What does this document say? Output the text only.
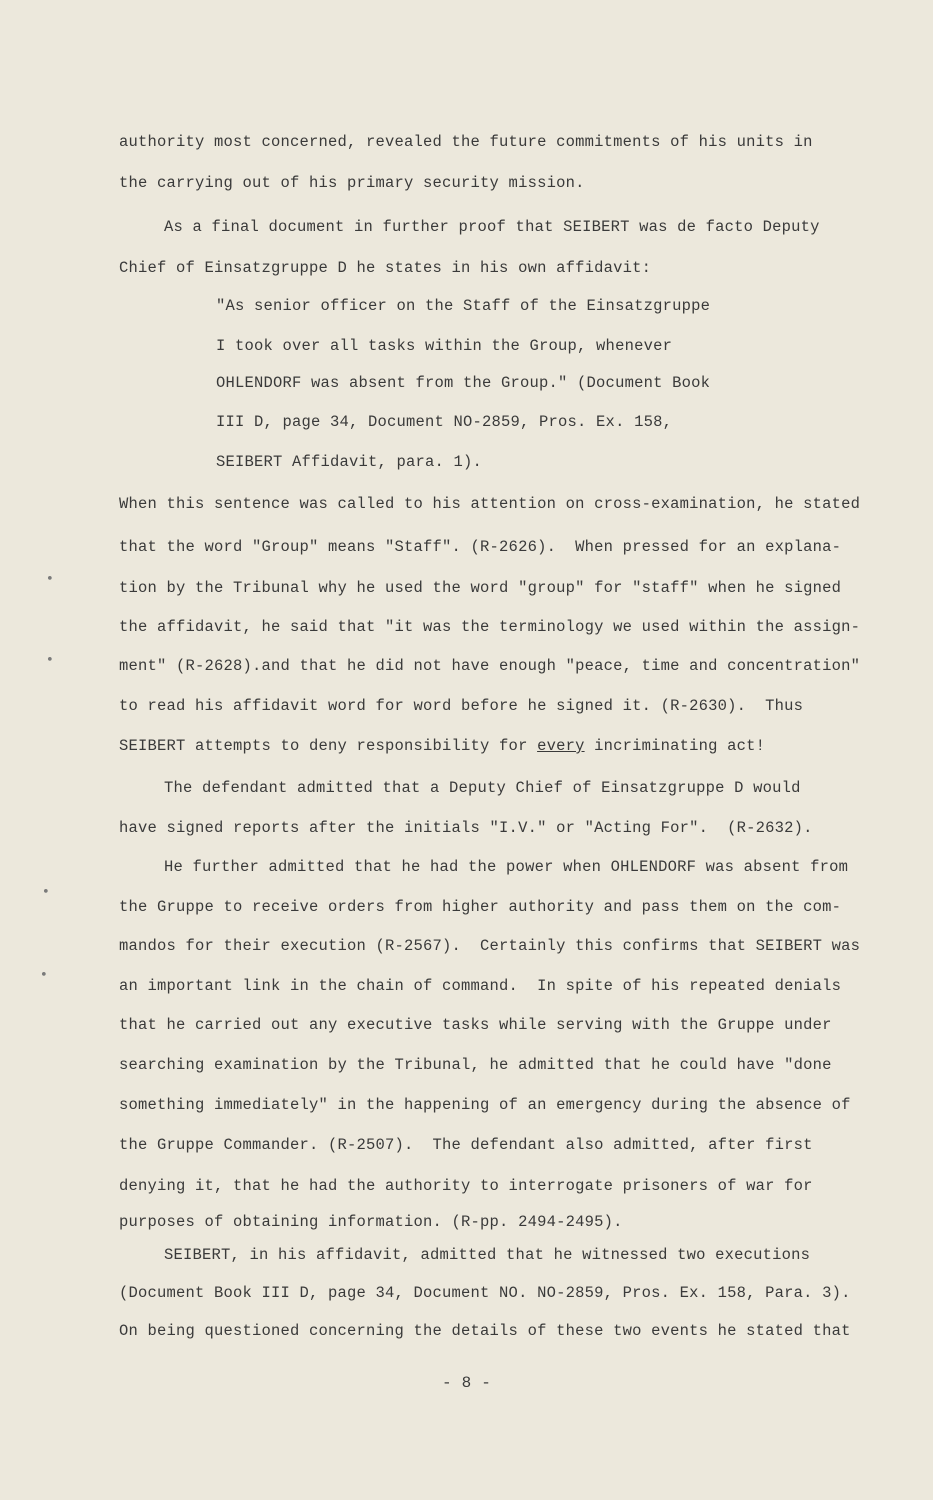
authority most concerned, revealed the future commitments of his units in

the carrying out of his primary security mission.

As a final document in further proof that SEIBERT was de facto Deputy

Chief of Einsatzgruppe D he states in his own affidavit:

"As senior officer on the Staff of the Einsatzgruppe

I took over all tasks within the Group, whenever

OHLENDORF was absent from the Group." (Document Book

III D, page 34, Document NO-2859, Pros. Ex. 158,

SEIBERT Affidavit, para. 1).

When this sentence was called to his attention on cross-examination, he stated

that the word "Group" means "Staff". (R-2626).  When pressed for an explana-

tion by the Tribunal why he used the word "group" for "staff" when he signed

the affidavit, he said that "it was the terminology we used within the assign-

ment" (R-2628).and that he did not have enough "peace, time and concentration"

to read his affidavit word for word before he signed it. (R-2630).  Thus

SEIBERT attempts to deny responsibility for every incriminating act!

The defendant admitted that a Deputy Chief of Einsatzgruppe D would

have signed reports after the initials "I.V." or "Acting For".  (R-2632).

He further admitted that he had the power when OHLENDORF was absent from

the Gruppe to receive orders from higher authority and pass them on the com-

mandos for their execution (R-2567).  Certainly this confirms that SEIBERT was

an important link in the chain of command.  In spite of his repeated denials

that he carried out any executive tasks while serving with the Gruppe under

searching examination by the Tribunal, he admitted that he could have "done

something immediately" in the happening of an emergency during the absence of

the Gruppe Commander. (R-2507).  The defendant also admitted, after first

denying it, that he had the authority to interrogate prisoners of war for

purposes of obtaining information. (R-pp. 2494-2495).

SEIBERT, in his affidavit, admitted that he witnessed two executions

(Document Book III D, page 34, Document NO. NO-2859, Pros. Ex. 158, Para. 3).

On being questioned concerning the details of these two events he stated that

- 8 -

•
•
•
•
